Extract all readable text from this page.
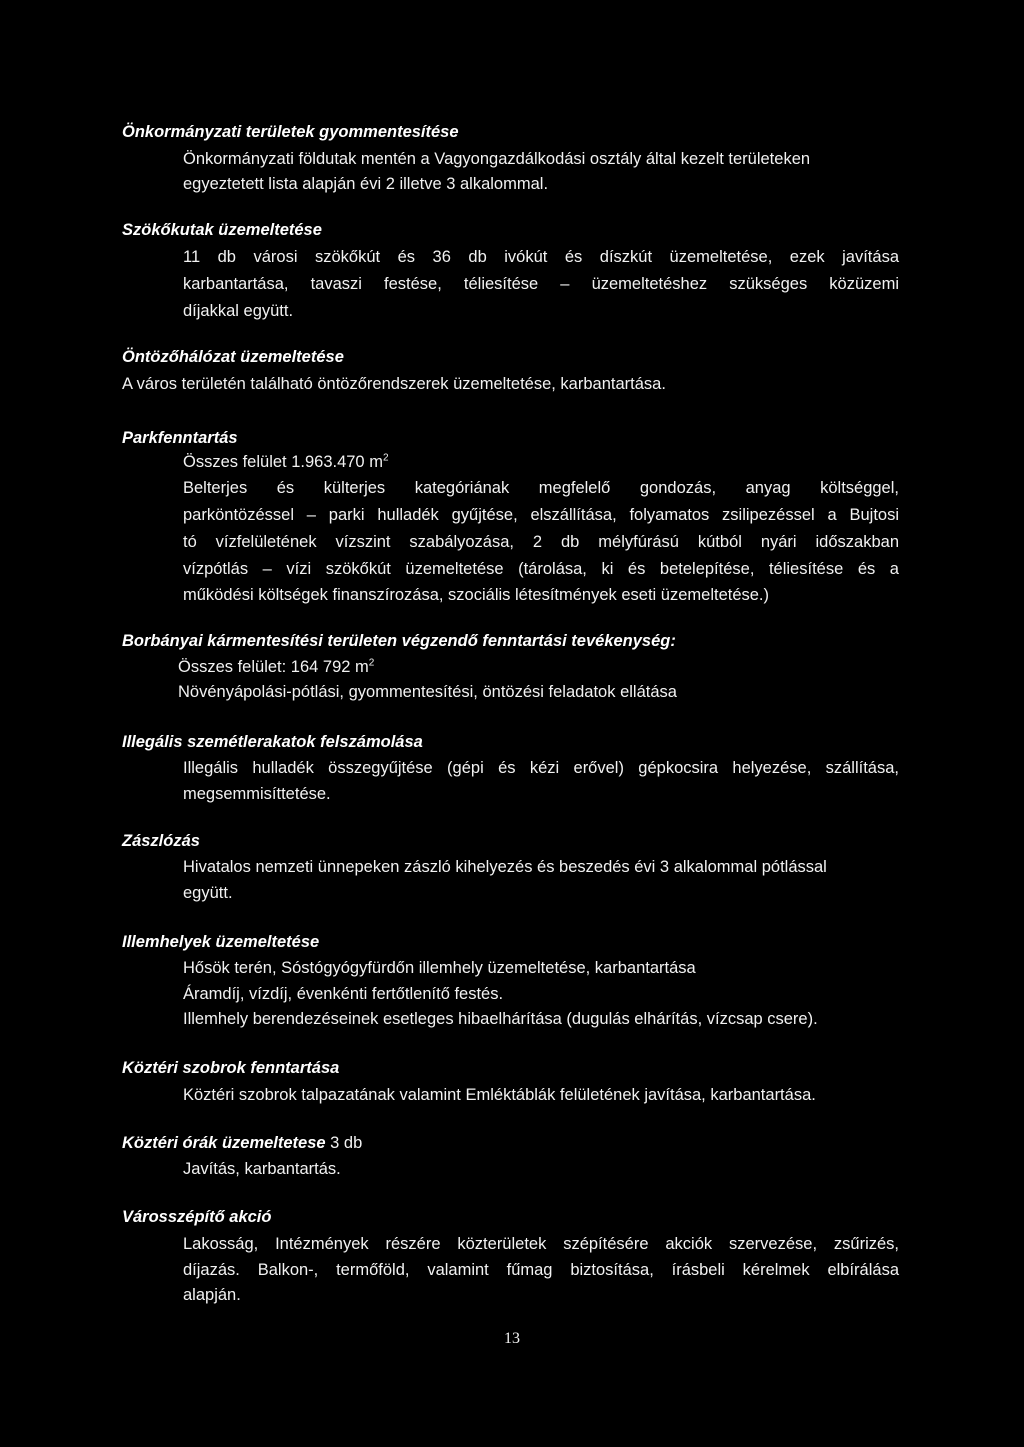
Önkormányzati területek gyommentesítése
Önkormányzati földutak mentén a Vagyongazdálkodási osztály által kezelt területeken
egyeztetett lista alapján évi 2 illetve 3 alkalommal.
Szökőkutak üzemeltetése
11 db városi szökőkút és 36 db ivókút és díszkút üzemeltetése, ezek javítása
karbantartása, tavaszi festése, téliesítése – üzemeltetéshez szükséges közüzemi
díjakkal együtt.
Öntözőhálózat üzemeltetése
A város területén található öntözőrendszerek üzemeltetése, karbantartása.
Parkfenntartás
Összes felület 1.963.470 $m^2$
Belterjes és külterjes kategóriának megfelelő gondozás, anyag költséggel,
parköntözéssel – parki hulladék gyűjtése, elszállítása, folyamatos zsilipezéssel a Bujtosi
tó vízfelületének vízszint szabályozása, 2 db mélyfúrású kútból nyári időszakban
vízpótlás – vízi szökőkút üzemeltetése (tárolása, ki és betelepítése, téliesítése és a
működési költségek finanszírozása, szociális létesítmények eseti üzemeltetése.)
Borbányai kármentesítési területen végzendő fenntartási tevékenység:
Összes felület: 164 792 $m^2$
Növényápolási-pótlási, gyommentesítési, öntözési feladatok ellátása
Illegális szemétlerakatok felszámolása
Illegális hulladék összegyűjtése (gépi és kézi erővel) gépkocsira helyezése, szállítása,
megsemmisíttetése.
Zászlózás
Hivatalos nemzeti ünnepeken zászló kihelyezés és beszedés évi 3 alkalommal pótlással
együtt.
Illemhelyek üzemeltetése
Hősök terén, Sóstógyógyfürdőn illemhely üzemeltetése, karbantartása
Áramdíj, vízdíj, évenkénti fertőtlenítő festés.
Illemhely berendezéseinek esetleges hibaelhárítása (dugulás elhárítás, vízcsap csere).
Köztéri szobrok fenntartása
Köztéri szobrok talpazatának valamint Emléktáblák felületének javítása, karbantartása.
Köztéri órák üzemeltetese 3 db
Javítás, karbantartás.
Városszépítő akció
Lakosság, Intézmények részére közterületek szépítésére akciók szervezése, zsűrizés,
díjazás. Balkon-, termőföld, valamint fűmag biztosítása, írásbeli kérelmek elbírálása
alapján.
13
